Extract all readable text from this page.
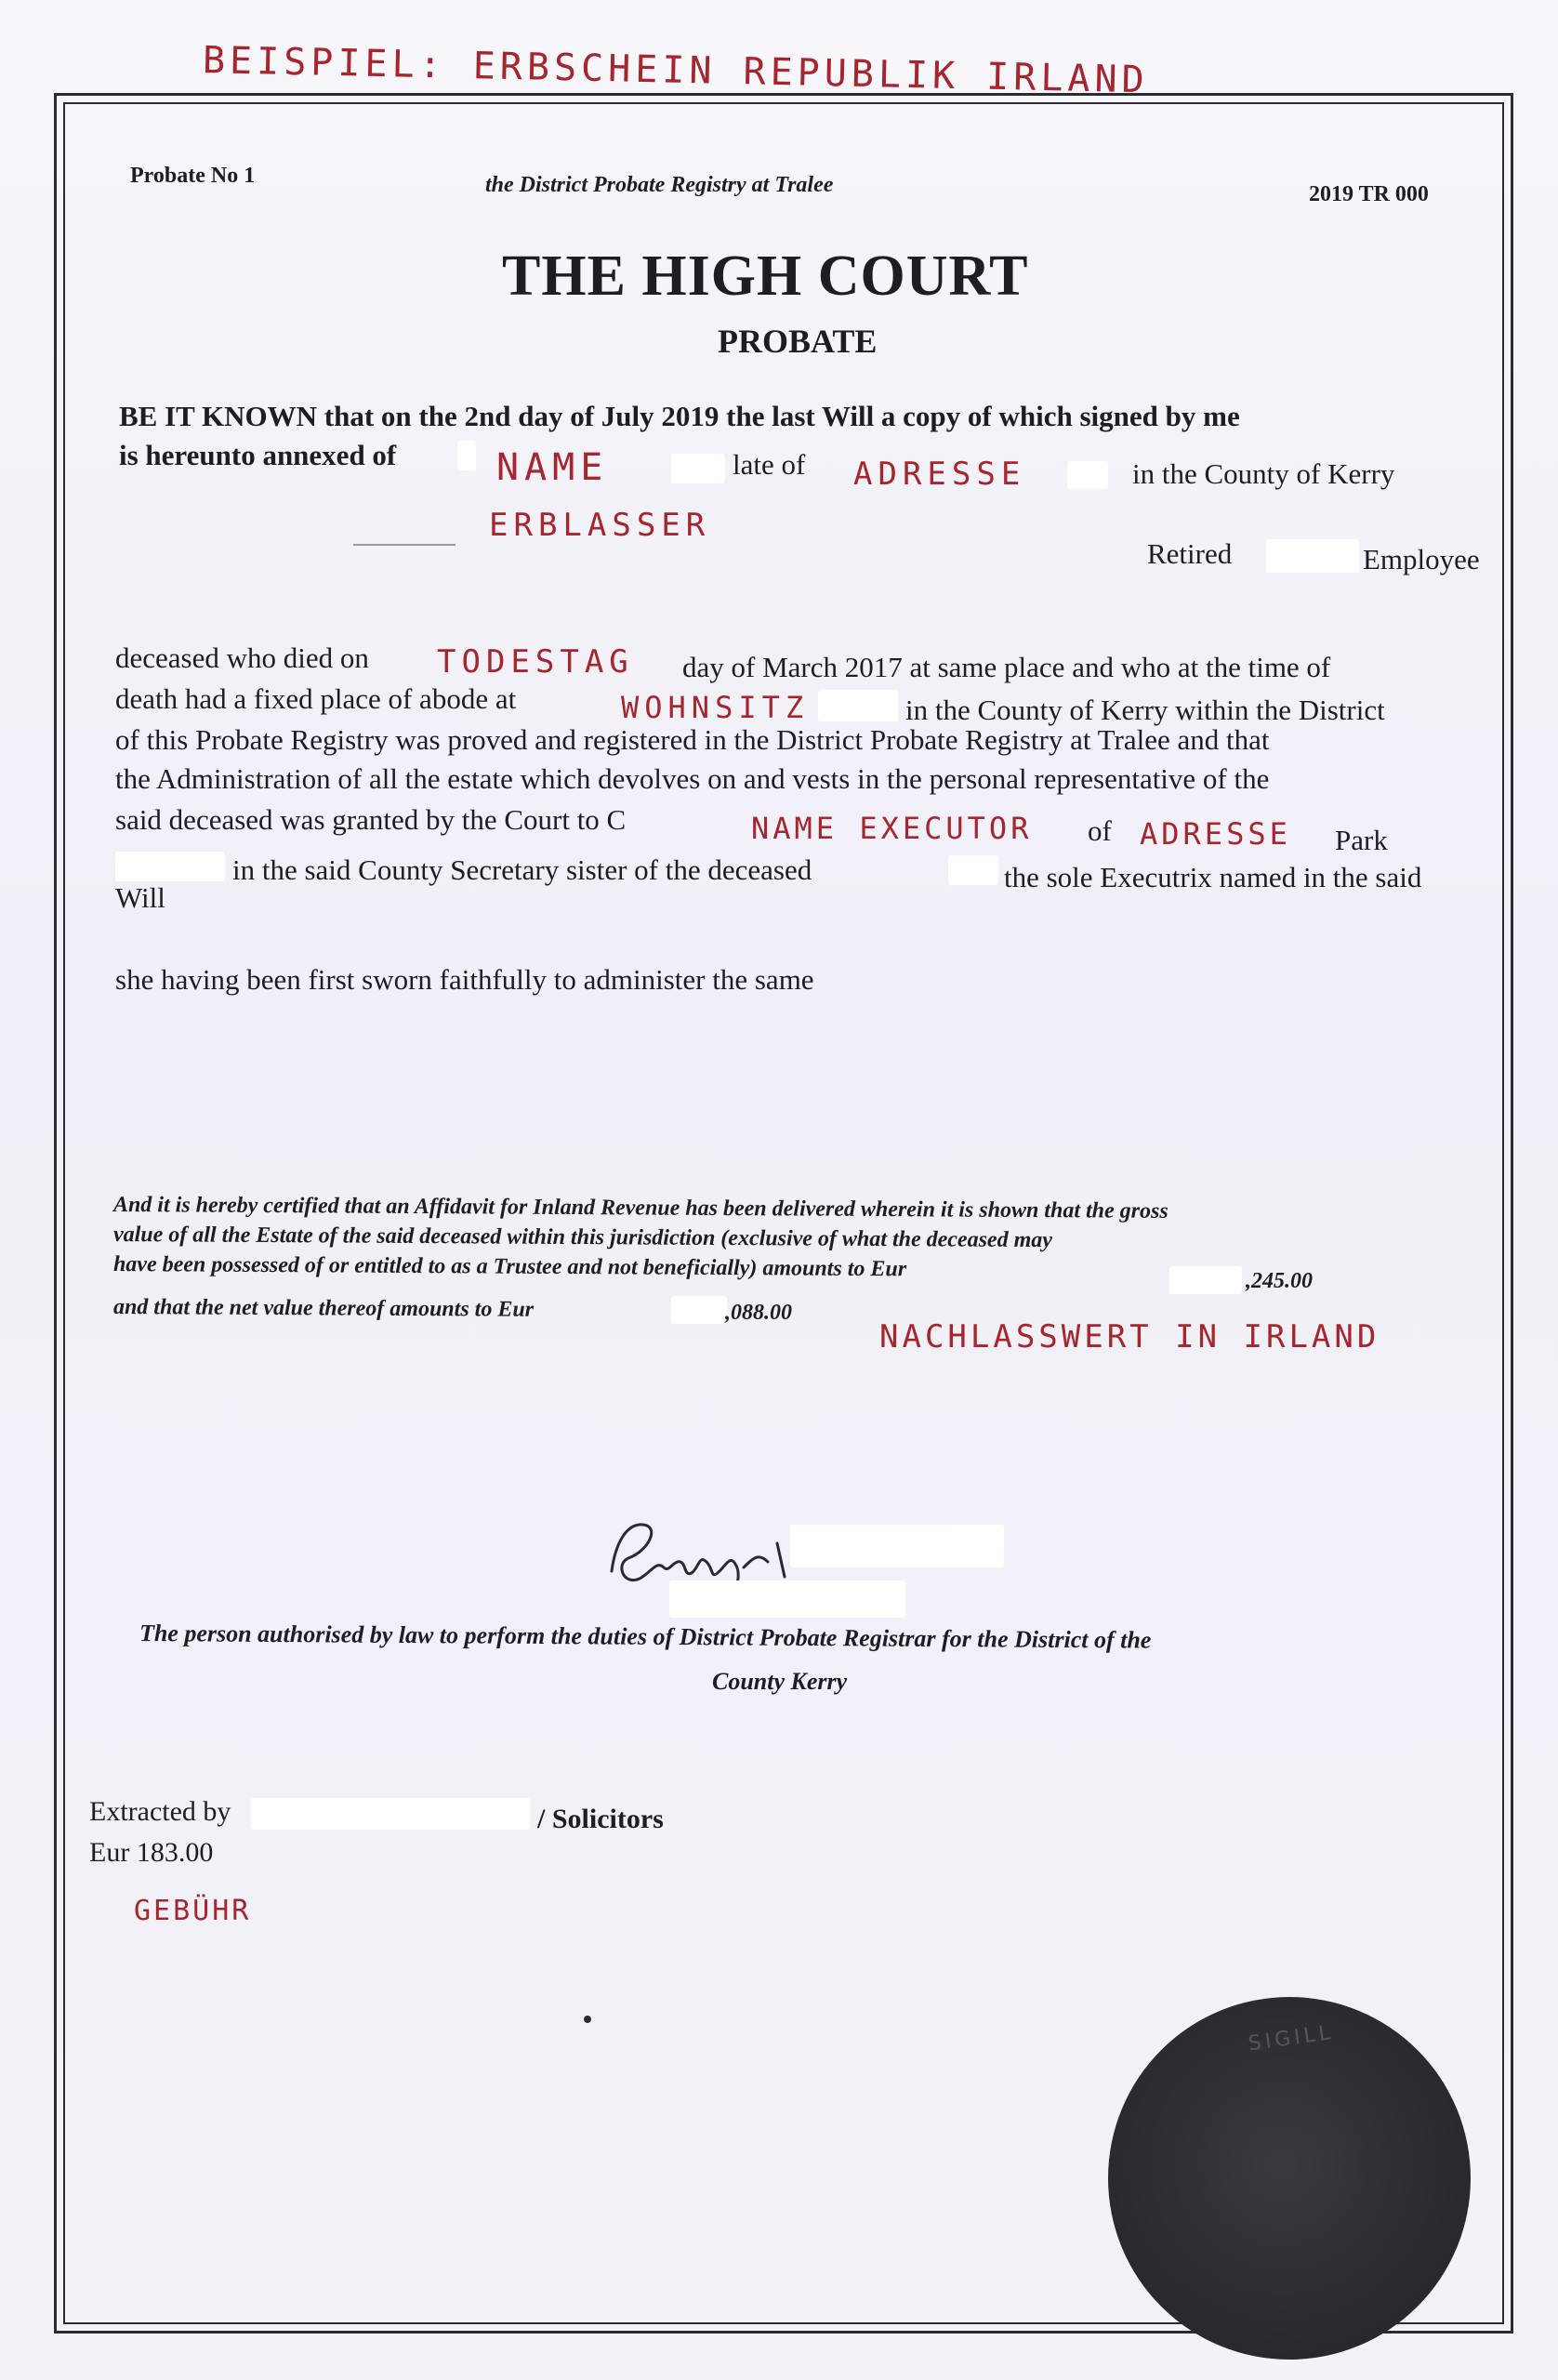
BEISPIEL: ERBSCHEIN REPUBLIK IRLAND
Probate No 1	the District Probate Registry at Tralee	2019 TR 000
THE HIGH COURT
PROBATE
BE IT KNOWN that on the 2nd day of July 2019 the last Will a copy of which signed by me
is hereunto annexed of	NAME	late of ADRESSE	in the County of Kerry
ERBLASSER
Retired	Employee
deceased who died on TODESTAG day of March 2017 at same place and who at the time of
death had a fixed place of abode at	WOHNSITZ	in the County of Kerry within the District
of this Probate Registry was proved and registered in the District Probate Registry at Tralee and that
the Administration of all the estate which devolves on and vests in the personal representative of the
said deceased was granted by the Court to C	NAME EXECUTOR of ADRESSE Park
in the said County Secretary sister of the deceased	the sole Executrix named in the said
Will
she having been first sworn faithfully to administer the same
And it is hereby certified that an Affidavit for Inland Revenue has been delivered wherein it is shown that the gross
value of all the Estate of the said deceased within this jurisdiction (exclusive of what the deceased may
have been possessed of or entitled to as a Trustee and not beneficially) amounts to Eur	,245.00
and that the net value thereof amounts to Eur	,088.00
NACHLASSWERT IN IRLAND
The person authorised by law to perform the duties of District Probate Registrar for the District of the
County Kerry
Extracted by	/ Solicitors
Eur 183.00
GEBÜHR
SIGILL
